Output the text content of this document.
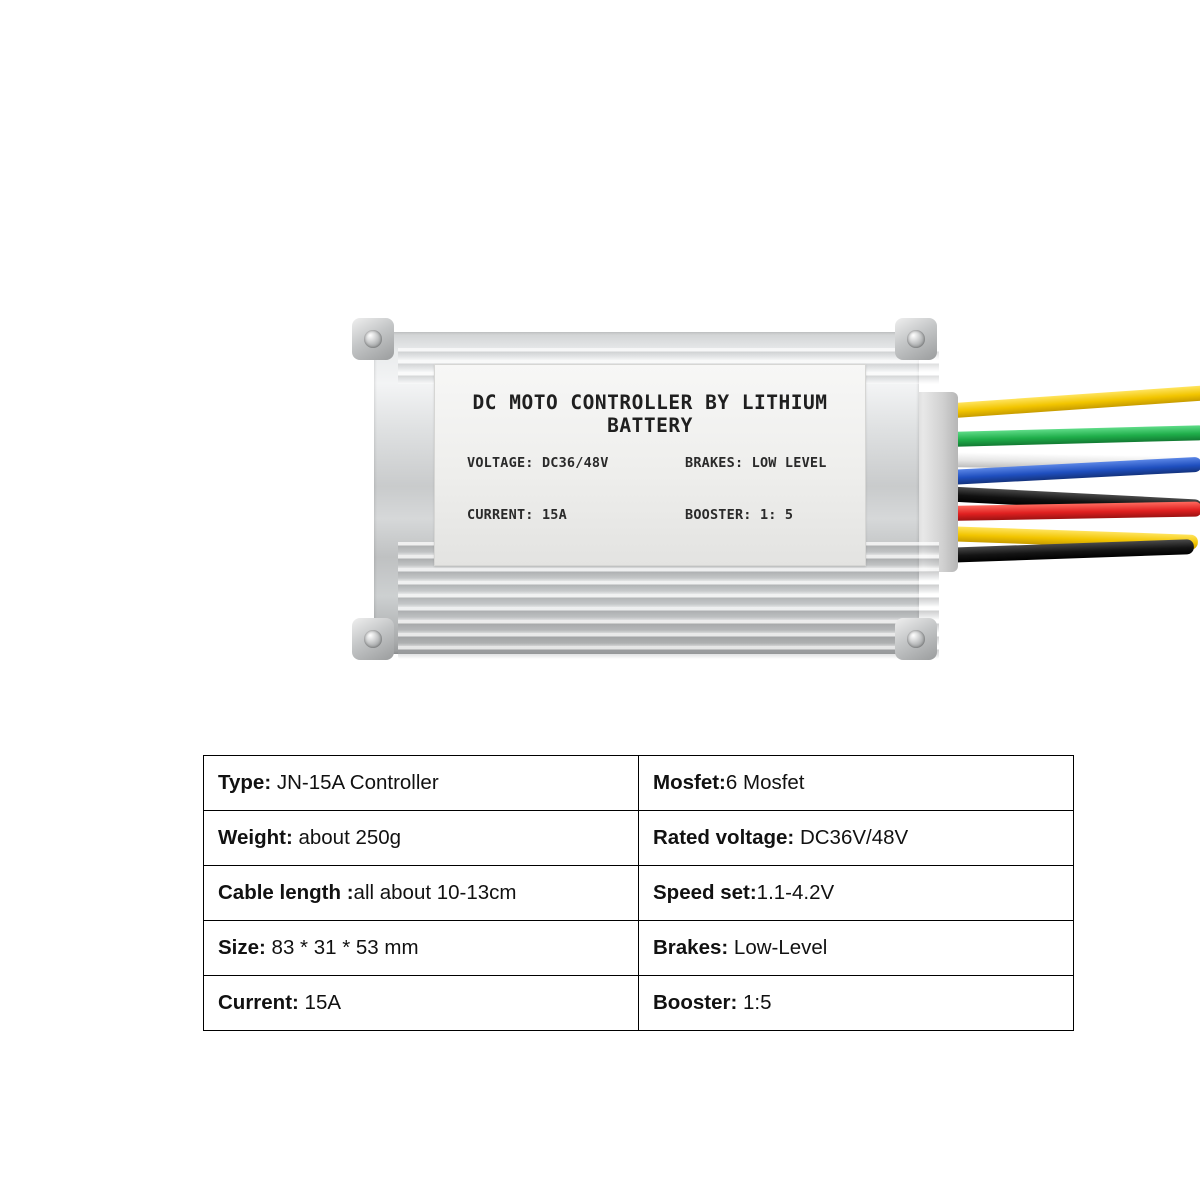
DC MOTO CONTROLLER BY LITHIUM BATTERY
VOLTAGE: DC36/48V	BRAKES: LOW LEVEL
CURRENT: 15A	BOOSTER: 1: 5
Type: JN-15A Controller	Mosfet:6 Mosfet
Weight: about 250g	Rated voltage: DC36V/48V
Cable length :all about 10-13cm	Speed set:1.1-4.2V
Size: 83 * 31 * 53 mm	Brakes: Low-Level
Current: 15A	Booster: 1:5
